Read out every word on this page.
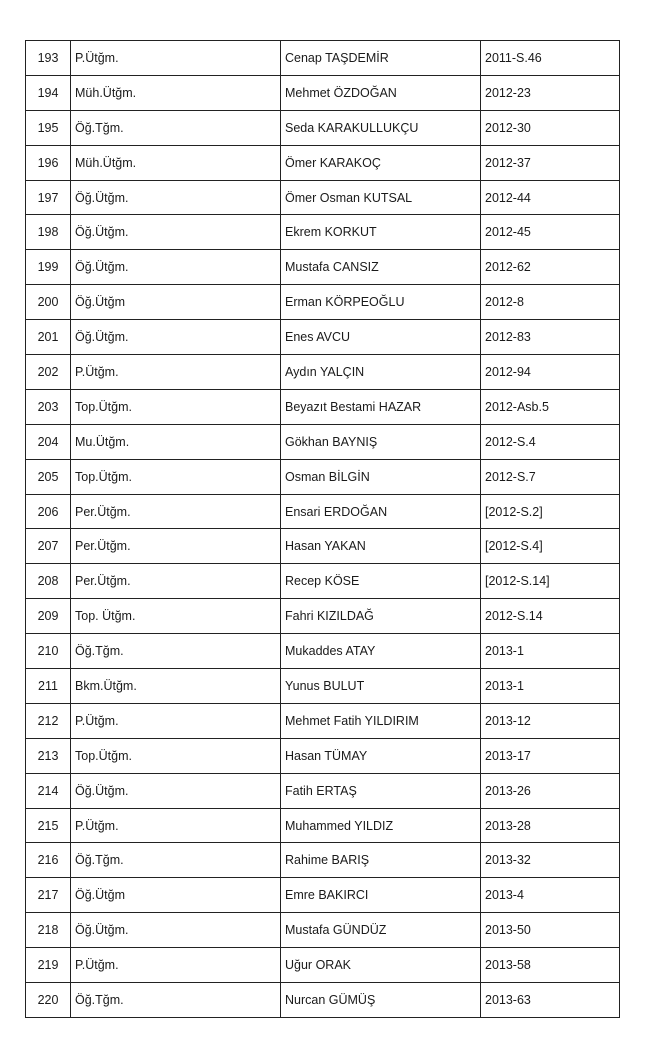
193	P.Ütğm.	Cenap TAŞDEMİR	2011-S.46
194	Müh.Ütğm.	Mehmet ÖZDOĞAN	2012-23
195	Öğ.Tğm.	Seda KARAKULLUKÇU	2012-30
196	Müh.Ütğm.	Ömer KARAKOÇ	2012-37
197	Öğ.Ütğm.	Ömer Osman KUTSAL	2012-44
198	Öğ.Ütğm.	Ekrem KORKUT	2012-45
199	Öğ.Ütğm.	Mustafa CANSIZ	2012-62
200	Öğ.Ütğm	Erman KÖRPEOĞLU	2012-8
201	Öğ.Ütğm.	Enes AVCU	2012-83
202	P.Ütğm.	Aydın YALÇIN	2012-94
203	Top.Ütğm.	Beyazıt Bestami HAZAR	2012-Asb.5
204	Mu.Ütğm.	Gökhan BAYNIŞ	2012-S.4
205	Top.Ütğm.	Osman BİLGİN	2012-S.7
206	Per.Ütğm.	Ensari ERDOĞAN	[2012-S.2]
207	Per.Ütğm.	Hasan YAKAN	[2012-S.4]
208	Per.Ütğm.	Recep KÖSE	[2012-S.14]
209	Top. Ütğm.	Fahri KIZILDAĞ	2012-S.14
210	Öğ.Tğm.	Mukaddes ATAY	2013-1
211	Bkm.Ütğm.	Yunus BULUT	2013-1
212	P.Ütğm.	Mehmet Fatih YILDIRIM	2013-12
213	Top.Ütğm.	Hasan TÜMAY	2013-17
214	Öğ.Ütğm.	Fatih ERTAŞ	2013-26
215	P.Ütğm.	Muhammed YILDIZ	2013-28
216	Öğ.Tğm.	Rahime BARIŞ	2013-32
217	Öğ.Ütğm	Emre BAKIRCI	2013-4
218	Öğ.Ütğm.	Mustafa GÜNDÜZ	2013-50
219	P.Ütğm.	Uğur ORAK	2013-58
220	Öğ.Tğm.	Nurcan GÜMÜŞ	2013-63
